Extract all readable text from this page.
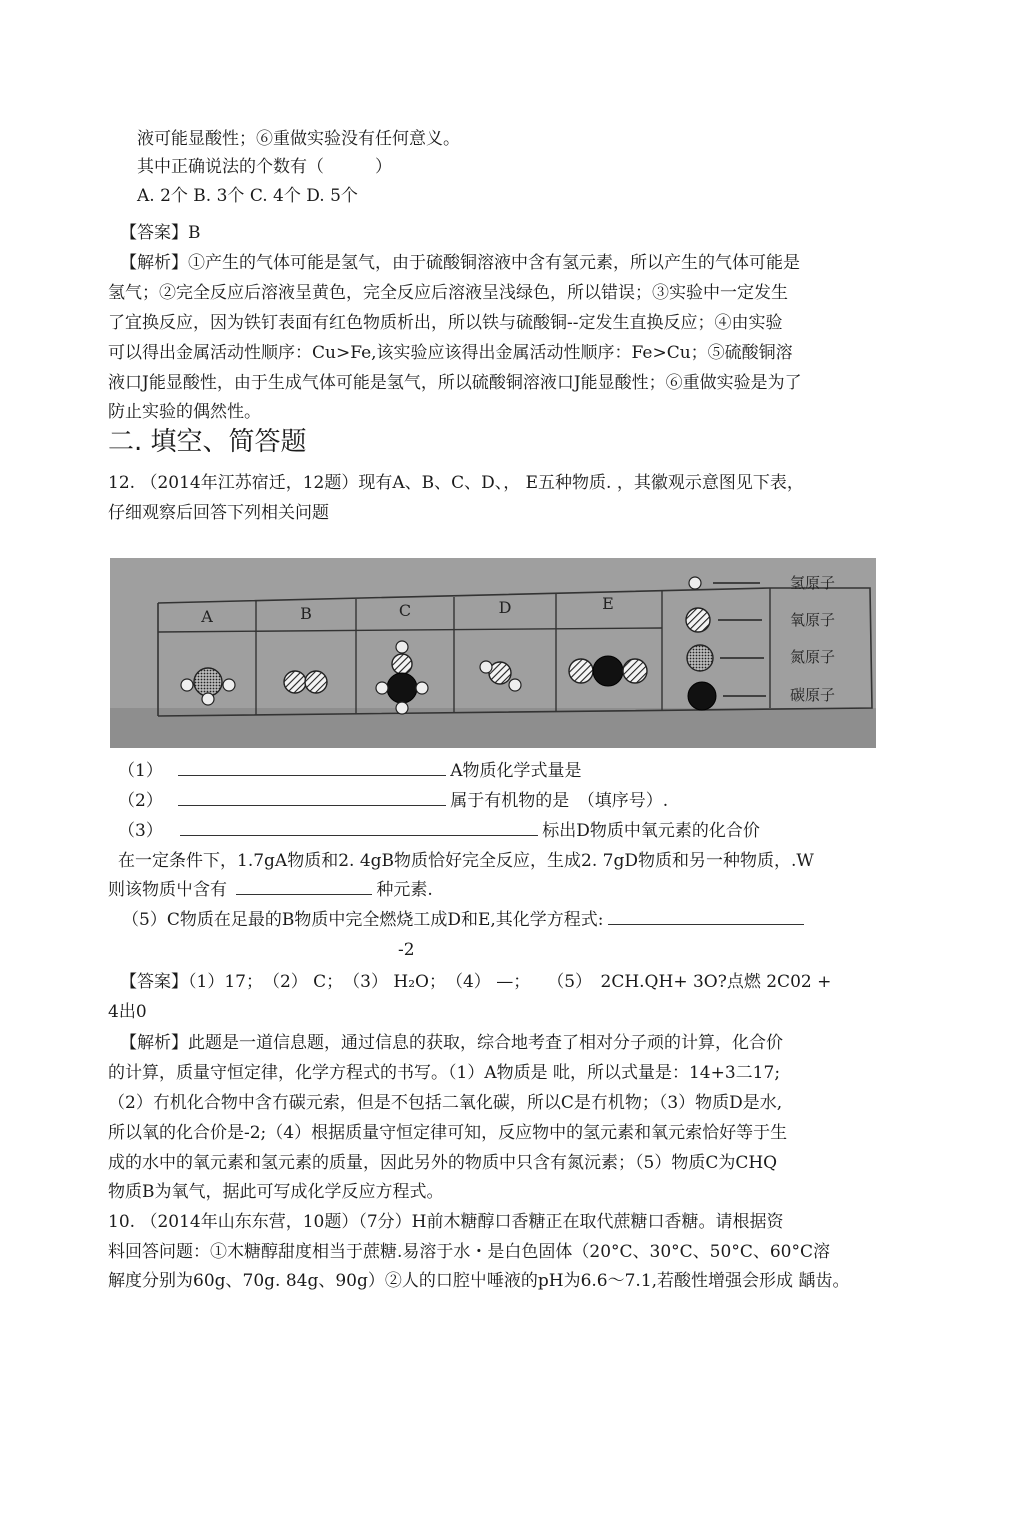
液可能显酸性；⑥重做实验没有任何意义。
其中正确说法的个数有（　　　）
A. 2个 B. 3个 C. 4个 D. 5个
【答案】B
【解析】①产生的气体可能是氢气，由于硫酸铜溶液中含有氢元素，所以产生的气体可能是
氢气；②完全反应后溶液呈黄色，完全反应后溶液呈浅绿色，所以错误；③实验中一定发生
了宜换反应，因为铁钉表面有红色物质析出，所以铁与硫酸铜--定发生直换反应；④由实验
可以得出金属活动性顺序：Cu>Fe,该实验应该得出金属活动性顺序：Fe>Cu；⑤硫酸铜溶
液口J能显酸性，由于生成气体可能是氢气，所以硫酸铜溶液口J能显酸性；⑥重做实验是为了
防止实验的偶然性。
二. 填空、简答题
12. （2014年江苏宿迁，12题）现有A、B、C、D、， E五种物质. ，其徽观示意图见下表，
仔细观察后回答下列相关问题
A	B	C	D	E
氢原子
氧原子
氮原子
碳原子
（1）	A物质化学式量是
（2）	属于有机物的是　（填序号）.
（3）	标出D物质中氧元素的化合价
在一定条件下，1.7gA物质和2. 4gB物质恰好完全反应，生成2. 7gD物质和另一种物质，.W
则该物质屮含有	种元素.
（5）C物质在足最的B物质中完全燃烧工成D和E,其化学方程式:
-2
【答案】（1）17；　（2） C；　（3） H₂O；　（4） —；　　（5）　2CH.QH+ 3O?点燃 2C02 +
4出0
【解析】此题是一道信息题，通过信息的获取，综合地考査了相对分子顽的计算，化合价
的计算，质量守恒定律，化学方程式的书写。（1）A物质是 吡，所以式量是：14+3二17;
（2）冇机化合物中含冇碳元索，但是不包括二氧化碳，所以C是冇机物；（3）物质D是水,
所以氧的化合价是-2;（4）根据质量守恒定律可知，反应物中的氢元素和氧元索恰好等于生
成的水中的氧元素和氢元素的质量，因此另外的物质中只含有氮沅素；（5）物质C为CHQ
物质B为氧气，据此可写成化学反应方程式。
10. （2014年山东东营，10题）（7分）H前木糖醇口香糖正在取代蔗糖口香糖。请根据资
料回答问题：①木糖醇甜度相当于蔗糖.易溶于水・是白色固体（20°C、30°C、50°C、60°C溶
解度分别为60g、70g. 84g、90g）②人的口腔屮唾液的pH为6.6～7.1,若酸性增强会形成 龋齿。
